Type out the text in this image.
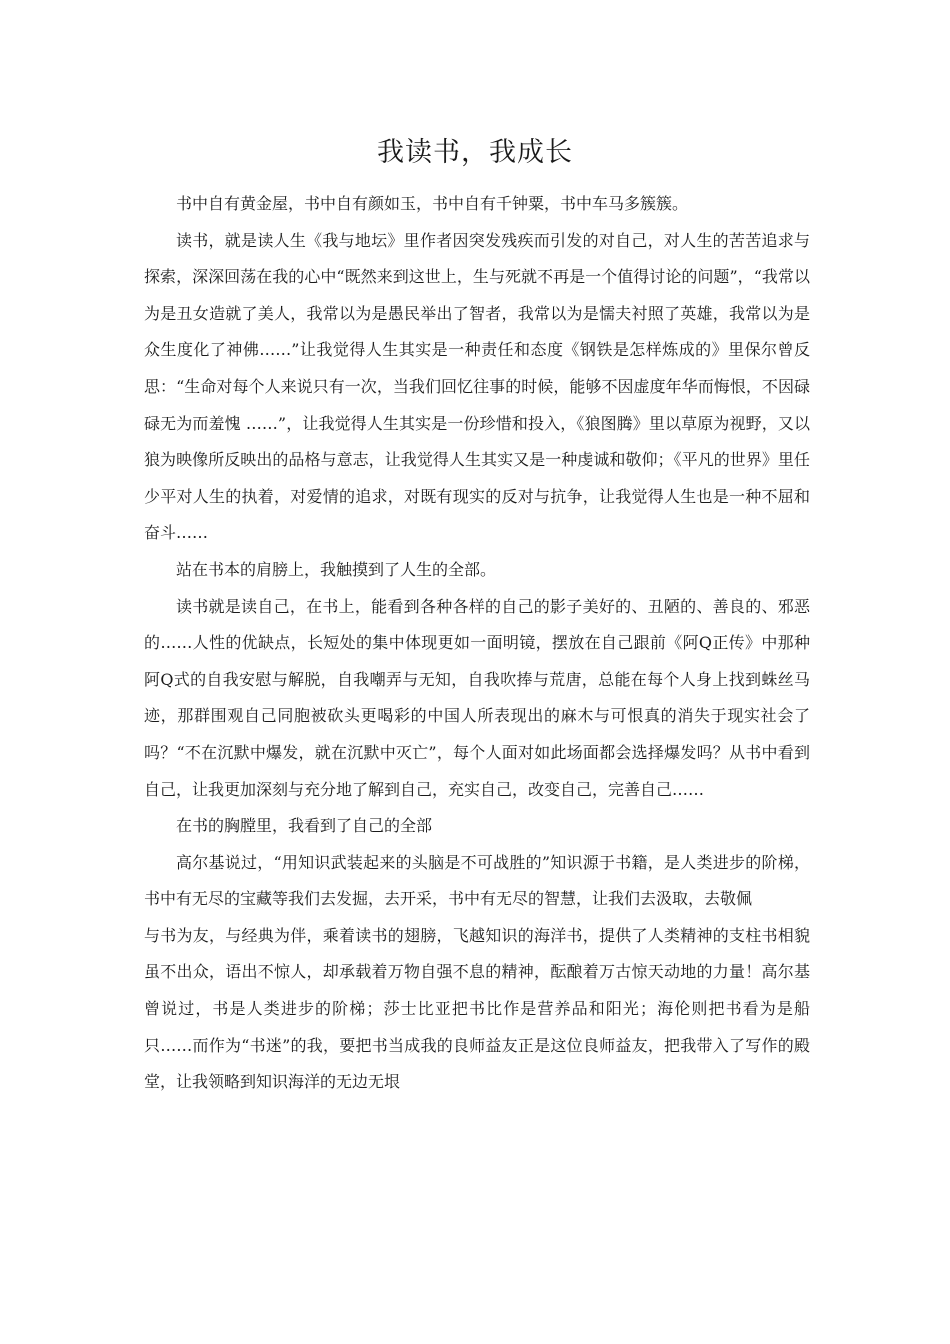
我读书，我成长

书中自有黄金屋，书中自有颜如玉，书中自有千钟粟，书中车马多簇簇。

读书，就是读人生《我与地坛》里作者因突发残疾而引发的对自己，对人生的苦苦追求与探索，深深回荡在我的心中“既然来到这世上，生与死就不再是一个值得讨论的问题”，“我常以为是丑女造就了美人，我常以为是愚民举出了智者，我常以为是懦夫衬照了英雄，我常以为是众生度化了神佛……”让我觉得人生其实是一种责任和态度《钢铁是怎样炼成的》里保尔曾反思：“生命对每个人来说只有一次，当我们回忆往事的时候，能够不因虚度年华而悔恨，不因碌碌无为而羞愧 ……”，让我觉得人生其实是一份珍惜和投入，《狼图腾》里以草原为视野，又以狼为映像所反映出的品格与意志，让我觉得人生其实又是一种虔诚和敬仰；《平凡的世界》里任少平对人生的执着，对爱情的追求，对既有现实的反对与抗争，让我觉得人生也是一种不屈和奋斗……

站在书本的肩膀上，我触摸到了人生的全部。

读书就是读自己，在书上，能看到各种各样的自己的影子美好的、丑陋的、善良的、邪恶的……人性的优缺点，长短处的集中体现更如一面明镜，摆放在自己跟前《阿Q正传》中那种阿Q式的自我安慰与解脱，自我嘲弄与无知，自我吹捧与荒唐，总能在每个人身上找到蛛丝马迹，那群围观自己同胞被砍头更喝彩的中国人所表现出的麻木与可恨真的消失于现实社会了吗？“不在沉默中爆发，就在沉默中灭亡”，每个人面对如此场面都会选择爆发吗？从书中看到自己，让我更加深刻与充分地了解到自己，充实自己，改变自己，完善自己……

在书的胸膛里，我看到了自己的全部

高尔基说过，“用知识武装起来的头脑是不可战胜的”知识源于书籍，是人类进步的阶梯，书中有无尽的宝藏等我们去发掘，去开采，书中有无尽的智慧，让我们去汲取，去敬佩

与书为友，与经典为伴，乘着读书的翅膀，飞越知识的海洋书，提供了人类精神的支柱书相貌虽不出众，语出不惊人，却承载着万物自强不息的精神，酝酿着万古惊天动地的力量！高尔基曾说过，书是人类进步的阶梯；莎士比亚把书比作是营养品和阳光；海伦则把书看为是船只……而作为“书迷”的我，要把书当成我的良师益友正是这位良师益友，把我带入了写作的殿堂，让我领略到知识海洋的无边无垠
